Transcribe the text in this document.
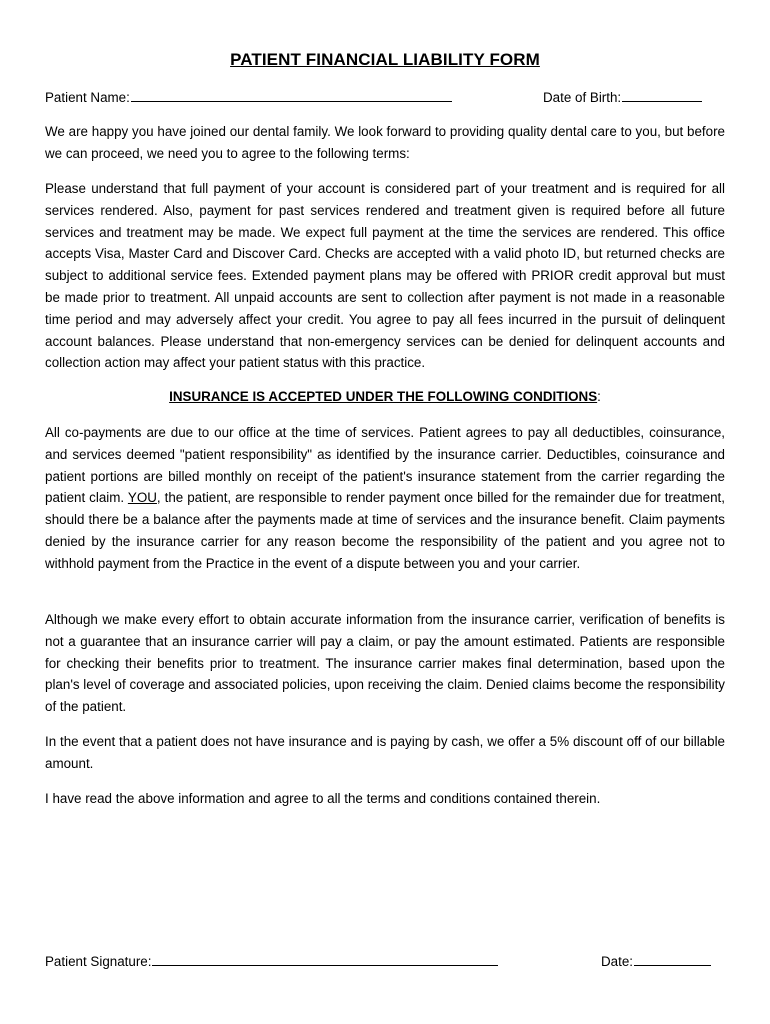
PATIENT FINANCIAL LIABILITY FORM
Patient Name:	Date of Birth:

We are happy you have joined our dental family. We look forward to providing quality dental care to you, but before we can proceed, we need you to agree to the following terms:

Please understand that full payment of your account is considered part of your treatment and is required for all services rendered. Also, payment for past services rendered and treatment given is required before all future services and treatment may be made. We expect full payment at the time the services are rendered. This office accepts Visa, Master Card and Discover Card. Checks are accepted with a valid photo ID, but returned checks are subject to additional service fees. Extended payment plans may be offered with PRIOR credit approval but must be made prior to treatment. All unpaid accounts are sent to collection after payment is not made in a reasonable time period and may adversely affect your credit. You agree to pay all fees incurred in the pursuit of delinquent account balances. Please understand that non-emergency services can be denied for delinquent accounts and collection action may affect your patient status with this practice.

INSURANCE IS ACCEPTED UNDER THE FOLLOWING CONDITIONS:

All co-payments are due to our office at the time of services. Patient agrees to pay all deductibles, coinsurance, and services deemed "patient responsibility" as identified by the insurance carrier. Deductibles, coinsurance and patient portions are billed monthly on receipt of the patient's insurance statement from the carrier regarding the patient claim. YOU, the patient, are responsible to render payment once billed for the remainder due for treatment, should there be a balance after the payments made at time of services and the insurance benefit. Claim payments denied by the insurance carrier for any reason become the responsibility of the patient and you agree not to withhold payment from the Practice in the event of a dispute between you and your carrier.

Although we make every effort to obtain accurate information from the insurance carrier, verification of benefits is not a guarantee that an insurance carrier will pay a claim, or pay the amount estimated. Patients are responsible for checking their benefits prior to treatment. The insurance carrier makes final determination, based upon the plan's level of coverage and associated policies, upon receiving the claim. Denied claims become the responsibility of the patient.

In the event that a patient does not have insurance and is paying by cash, we offer a 5% discount off of our billable amount.

I have read the above information and agree to all the terms and conditions contained therein.

Patient Signature:	Date:
